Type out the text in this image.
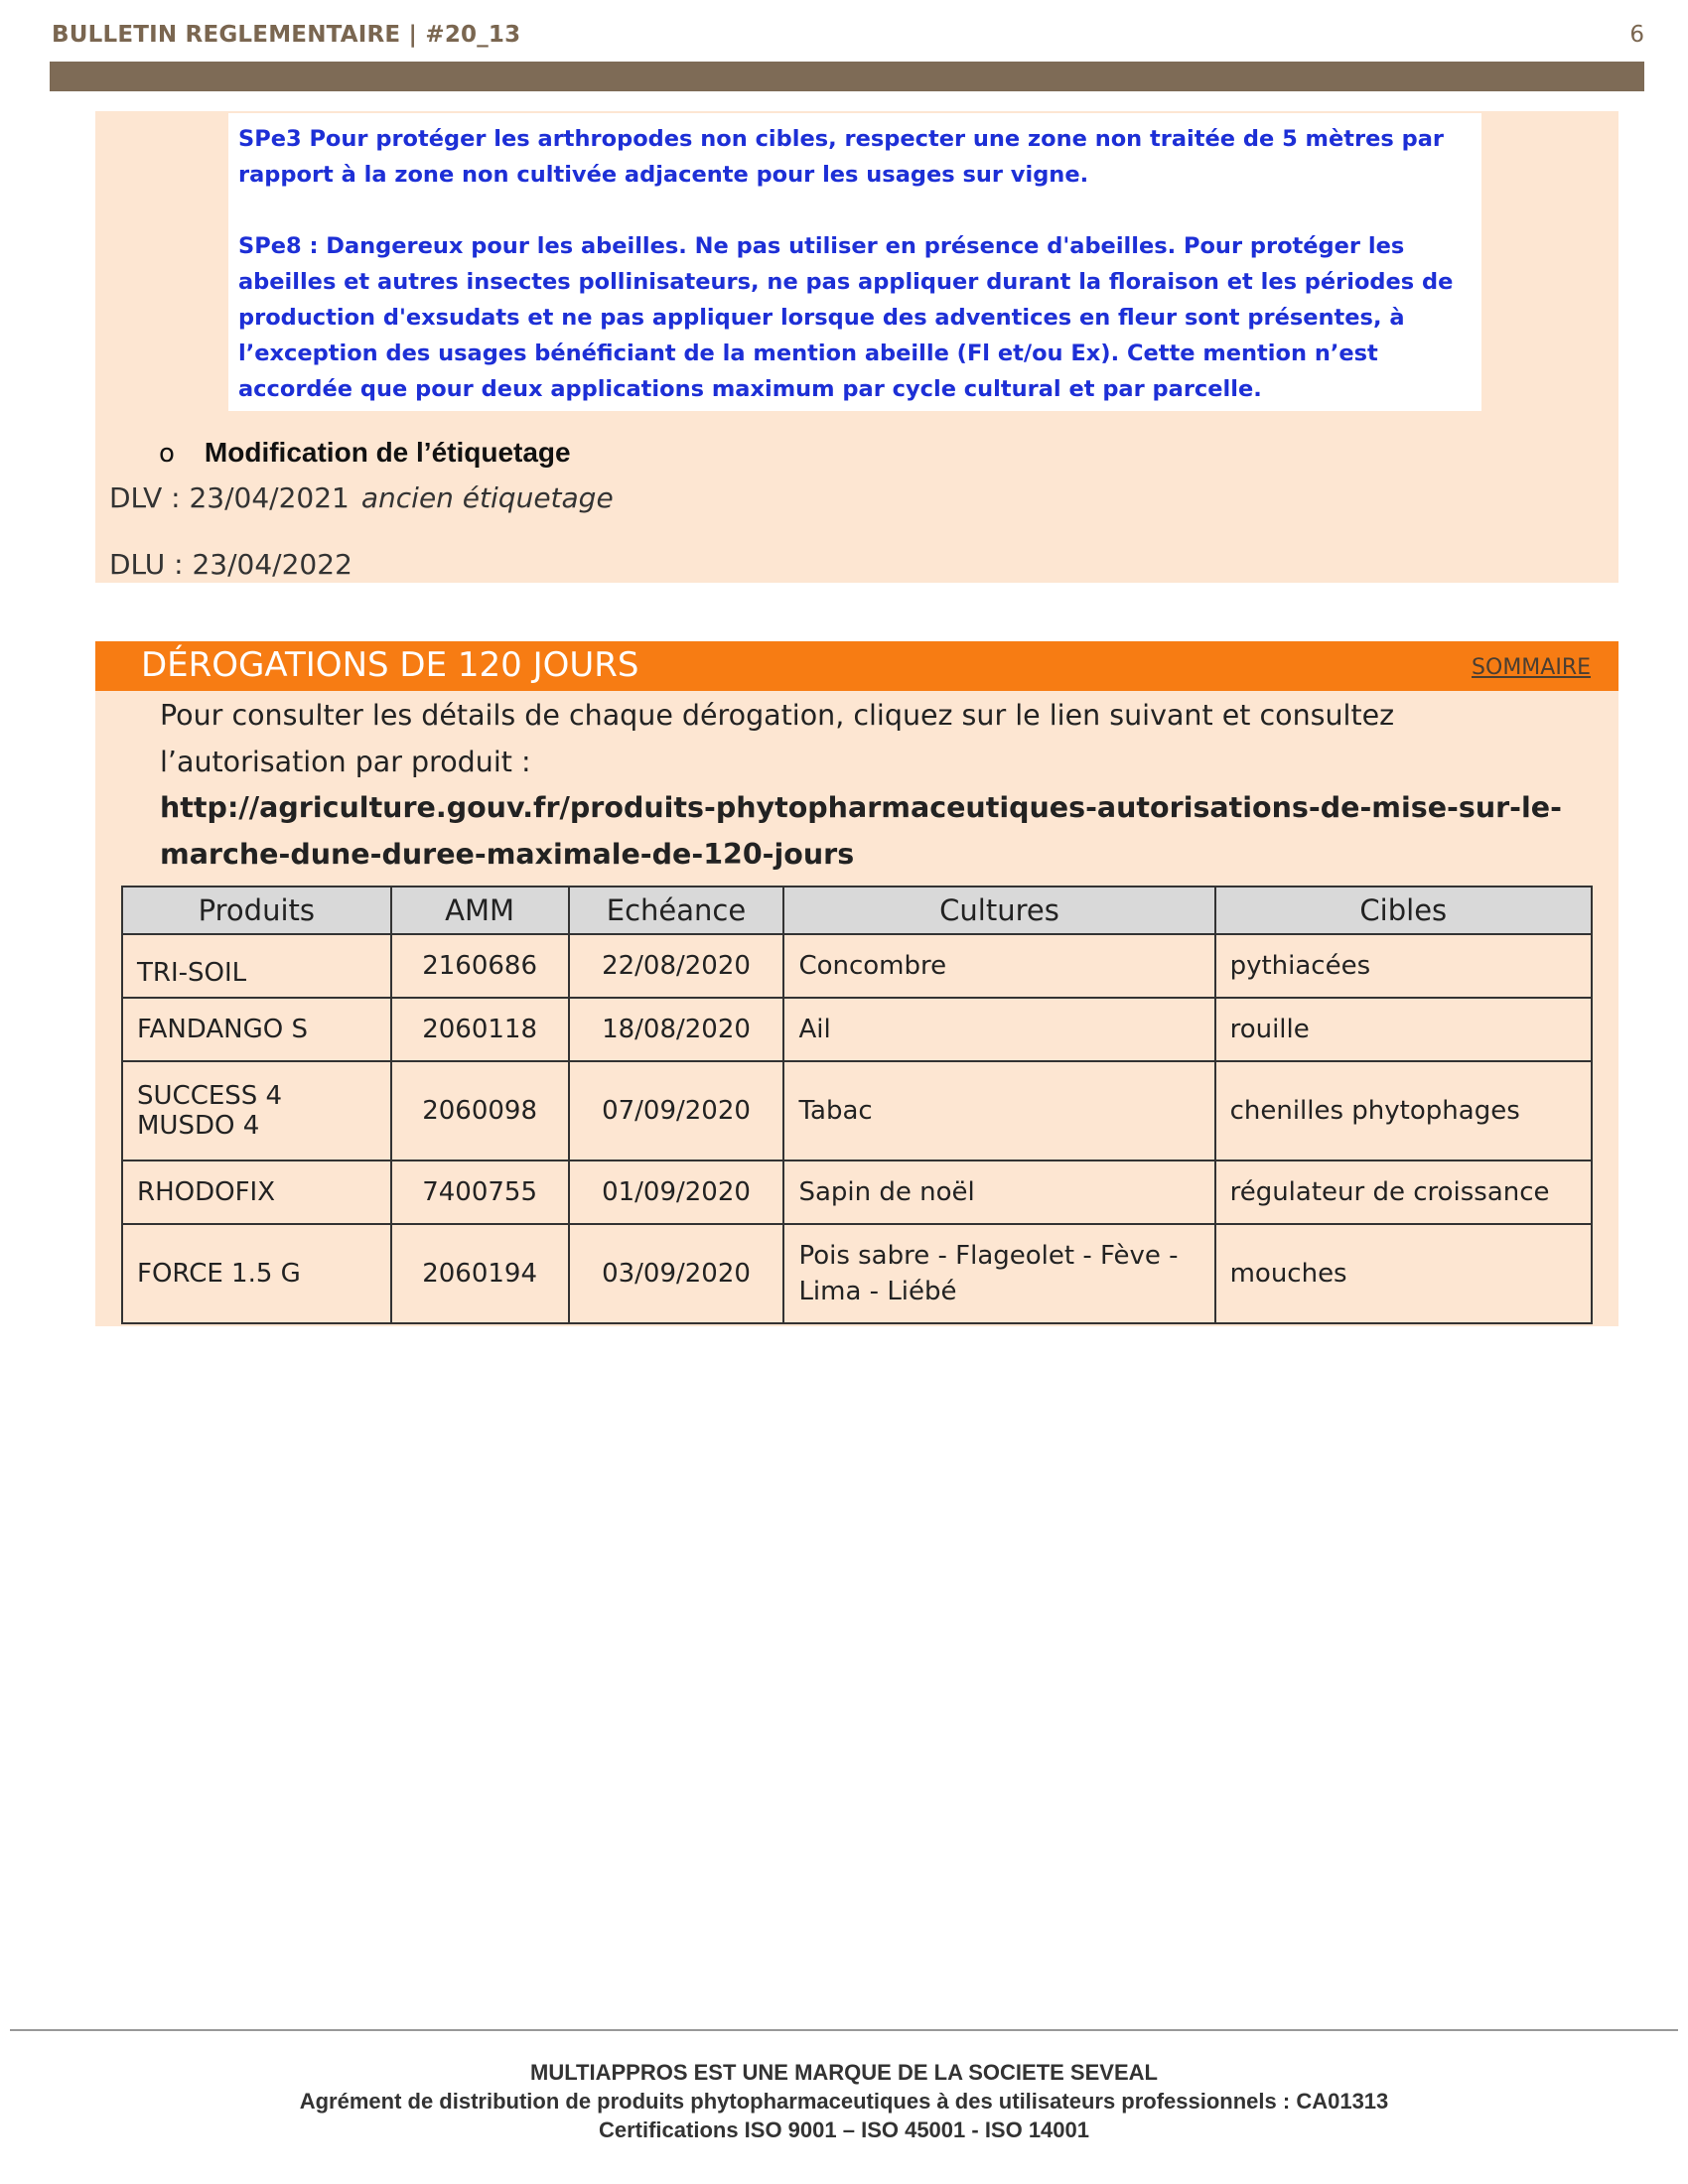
BULLETIN REGLEMENTAIRE | #20_13	6

SPe3 Pour protéger les arthropodes non cibles, respecter une zone non traitée de 5 mètres par rapport à la zone non cultivée adjacente pour les usages sur vigne.

SPe8 : Dangereux pour les abeilles. Ne pas utiliser en présence d'abeilles. Pour protéger les abeilles et autres insectes pollinisateurs, ne pas appliquer durant la floraison et les périodes de production d'exsudats et ne pas appliquer lorsque des adventices en fleur sont présentes, à l’exception des usages bénéficiant de la mention abeille (Fl et/ou Ex). Cette mention n’est accordée que pour deux applications maximum par cycle cultural et par parcelle.

o Modification de l’étiquetage
DLV : 23/04/2021 ancien étiquetage
DLU : 23/04/2022
DÉROGATIONS DE 120 JOURS	SOMMAIRE
Pour consulter les détails de chaque dérogation, cliquez sur le lien suivant et consultez l’autorisation par produit :
http://agriculture.gouv.fr/produits-phytopharmaceutiques-autorisations-de-mise-sur-le-marche-dune-duree-maximale-de-120-jours
Produits	AMM	Echéance	Cultures	Cibles
TRI-SOIL	2160686	22/08/2020	Concombre	pythiacées
FANDANGO S	2060118	18/08/2020	Ail	rouille

SUCCESS 4 MUSDO 4	2060098	07/09/2020	Tabac	chenilles phytophages
RHODOFIX	7400755	01/09/2020	Sapin de noël	régulateur de croissance
FORCE 1.5 G	2060194	03/09/2020	Pois sabre - Flageolet - Fève - Lima - Liébé	mouches
MULTIAPPROS EST UNE MARQUE DE LA SOCIETE SEVEAL
Agrément de distribution de produits phytopharmaceutiques à des utilisateurs professionnels : CA01313
Certifications ISO 9001 – ISO 45001 - ISO 14001
